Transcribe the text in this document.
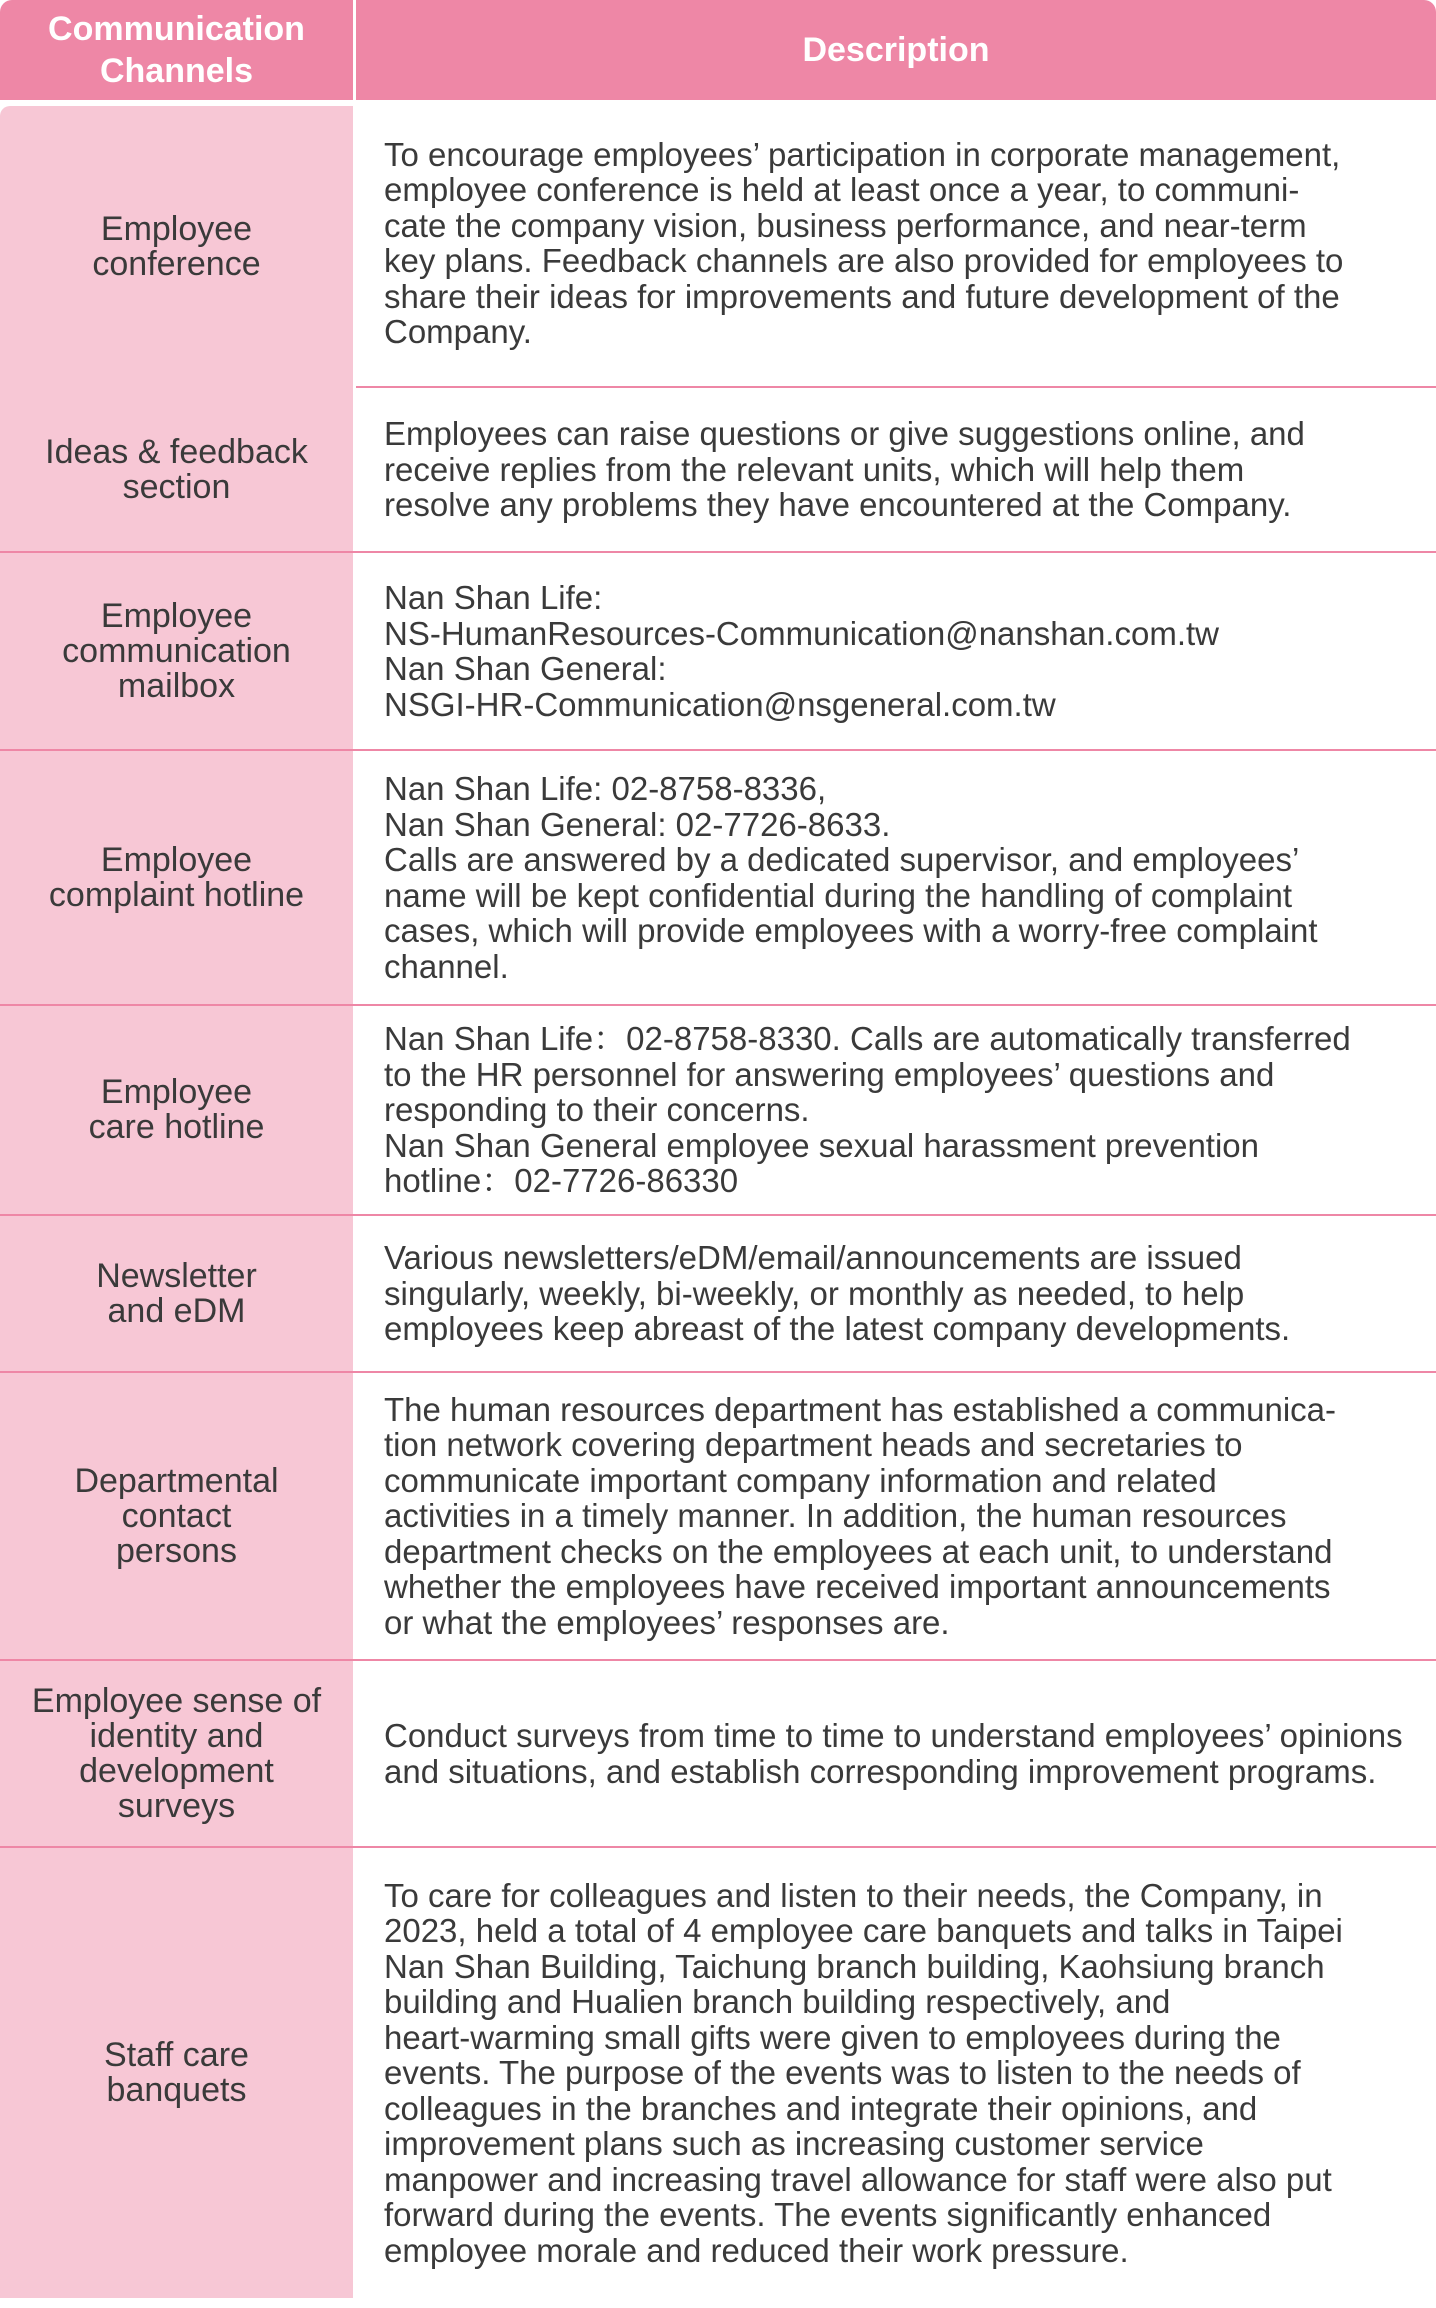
Communication
Channels
Description
Employee
conference
To encourage employees’ participation in corporate management,
employee conference is held at least once a year, to communi-
cate the company vision, business performance, and near-term
key plans. Feedback channels are also provided for employees to
share their ideas for improvements and future development of the
Company.
Ideas & feedback
section
Employees can raise questions or give suggestions online, and
receive replies from the relevant units, which will help them
resolve any problems they have encountered at the Company.
Employee
communication
mailbox
Nan Shan Life:
NS-HumanResources-Communication@nanshan.com.tw
Nan Shan General:
NSGI-HR-Communication@nsgeneral.com.tw
Employee
complaint hotline
Nan Shan Life: 02-8758-8336,
Nan Shan General: 02-7726-8633.
Calls are answered by a dedicated supervisor, and employees’
name will be kept confidential during the handling of complaint
cases, which will provide employees with a worry-free complaint
channel.
Employee
care hotline
Nan Shan Life：02-8758-8330. Calls are automatically transferred
to the HR personnel for answering employees’ questions and
responding to their concerns.
Nan Shan General employee sexual harassment prevention
hotline：02-7726-86330
Newsletter
and eDM
Various newsletters/eDM/email/announcements are issued
singularly, weekly, bi-weekly, or monthly as needed, to help
employees keep abreast of the latest company developments.
Departmental
contact
persons
The human resources department has established a communica-
tion network covering department heads and secretaries to
communicate important company information and related
activities in a timely manner. In addition, the human resources
department checks on the employees at each unit, to understand
whether the employees have received important announcements
or what the employees’ responses are.
Employee sense of
identity and
development
surveys
Conduct surveys from time to time to understand employees’ opinions
and situations, and establish corresponding improvement programs.
Staff care
banquets
To care for colleagues and listen to their needs, the Company, in
2023, held a total of 4 employee care banquets and talks in Taipei
Nan Shan Building, Taichung branch building, Kaohsiung branch
building and Hualien branch building respectively, and
heart-warming small gifts were given to employees during the
events. The purpose of the events was to listen to the needs of
colleagues in the branches and integrate their opinions, and
improvement plans such as increasing customer service
manpower and increasing travel allowance for staff were also put
forward during the events. The events significantly enhanced
employee morale and reduced their work pressure.
